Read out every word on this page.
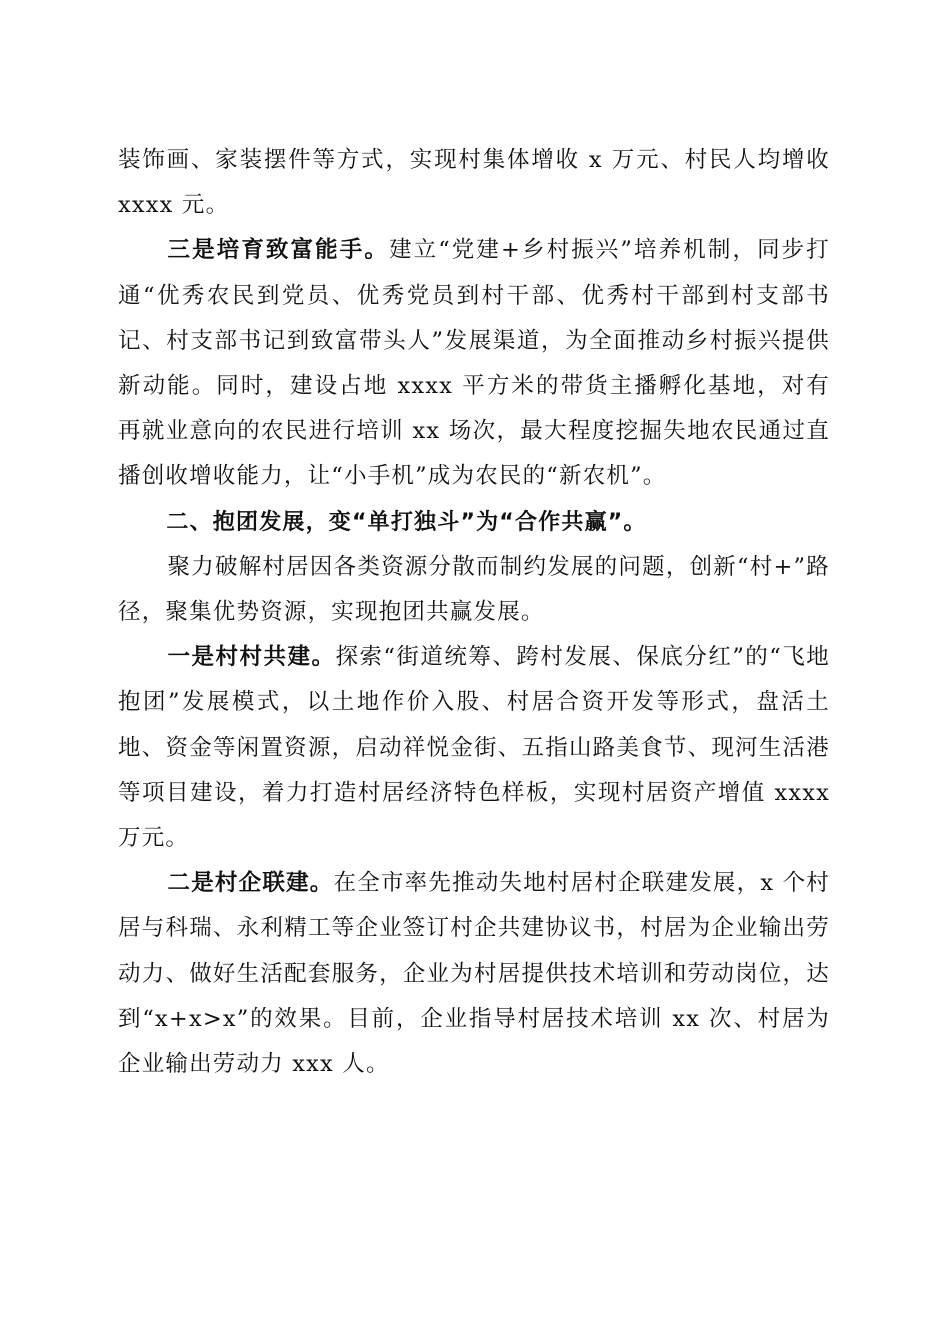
装饰画、家装摆件等方式，实现村集体增收 x 万元、村民人均增收 xxxx 元。

三是培育致富能手。建立“党建+乡村振兴”培养机制，同步打通“优秀农民到党员、优秀党员到村干部、优秀村干部到村支部书记、村支部书记到致富带头人”发展渠道，为全面推动乡村振兴提供新动能。同时，建设占地 xxxx 平方米的带货主播孵化基地，对有再就业意向的农民进行培训 xx 场次，最大程度挖掘失地农民通过直播创收增收能力，让“小手机”成为农民的“新农机”。

二、抱团发展，变“单打独斗”为“合作共赢”。

聚力破解村居因各类资源分散而制约发展的问题，创新“村+”路径，聚集优势资源，实现抱团共赢发展。

一是村村共建。探索“街道统筹、跨村发展、保底分红”的“飞地抱团”发展模式，以土地作价入股、村居合资开发等形式，盘活土地、资金等闲置资源，启动祥悦金街、五指山路美食节、现河生活港等项目建设，着力打造村居经济特色样板，实现村居资产增值 xxxx 万元。

二是村企联建。在全市率先推动失地村居村企联建发展，x 个村居与科瑞、永利精工等企业签订村企共建协议书，村居为企业输出劳动力、做好生活配套服务，企业为村居提供技术培训和劳动岗位，达到“x+x>x”的效果。目前，企业指导村居技术培训 xx 次、村居为企业输出劳动力 xxx 人。
